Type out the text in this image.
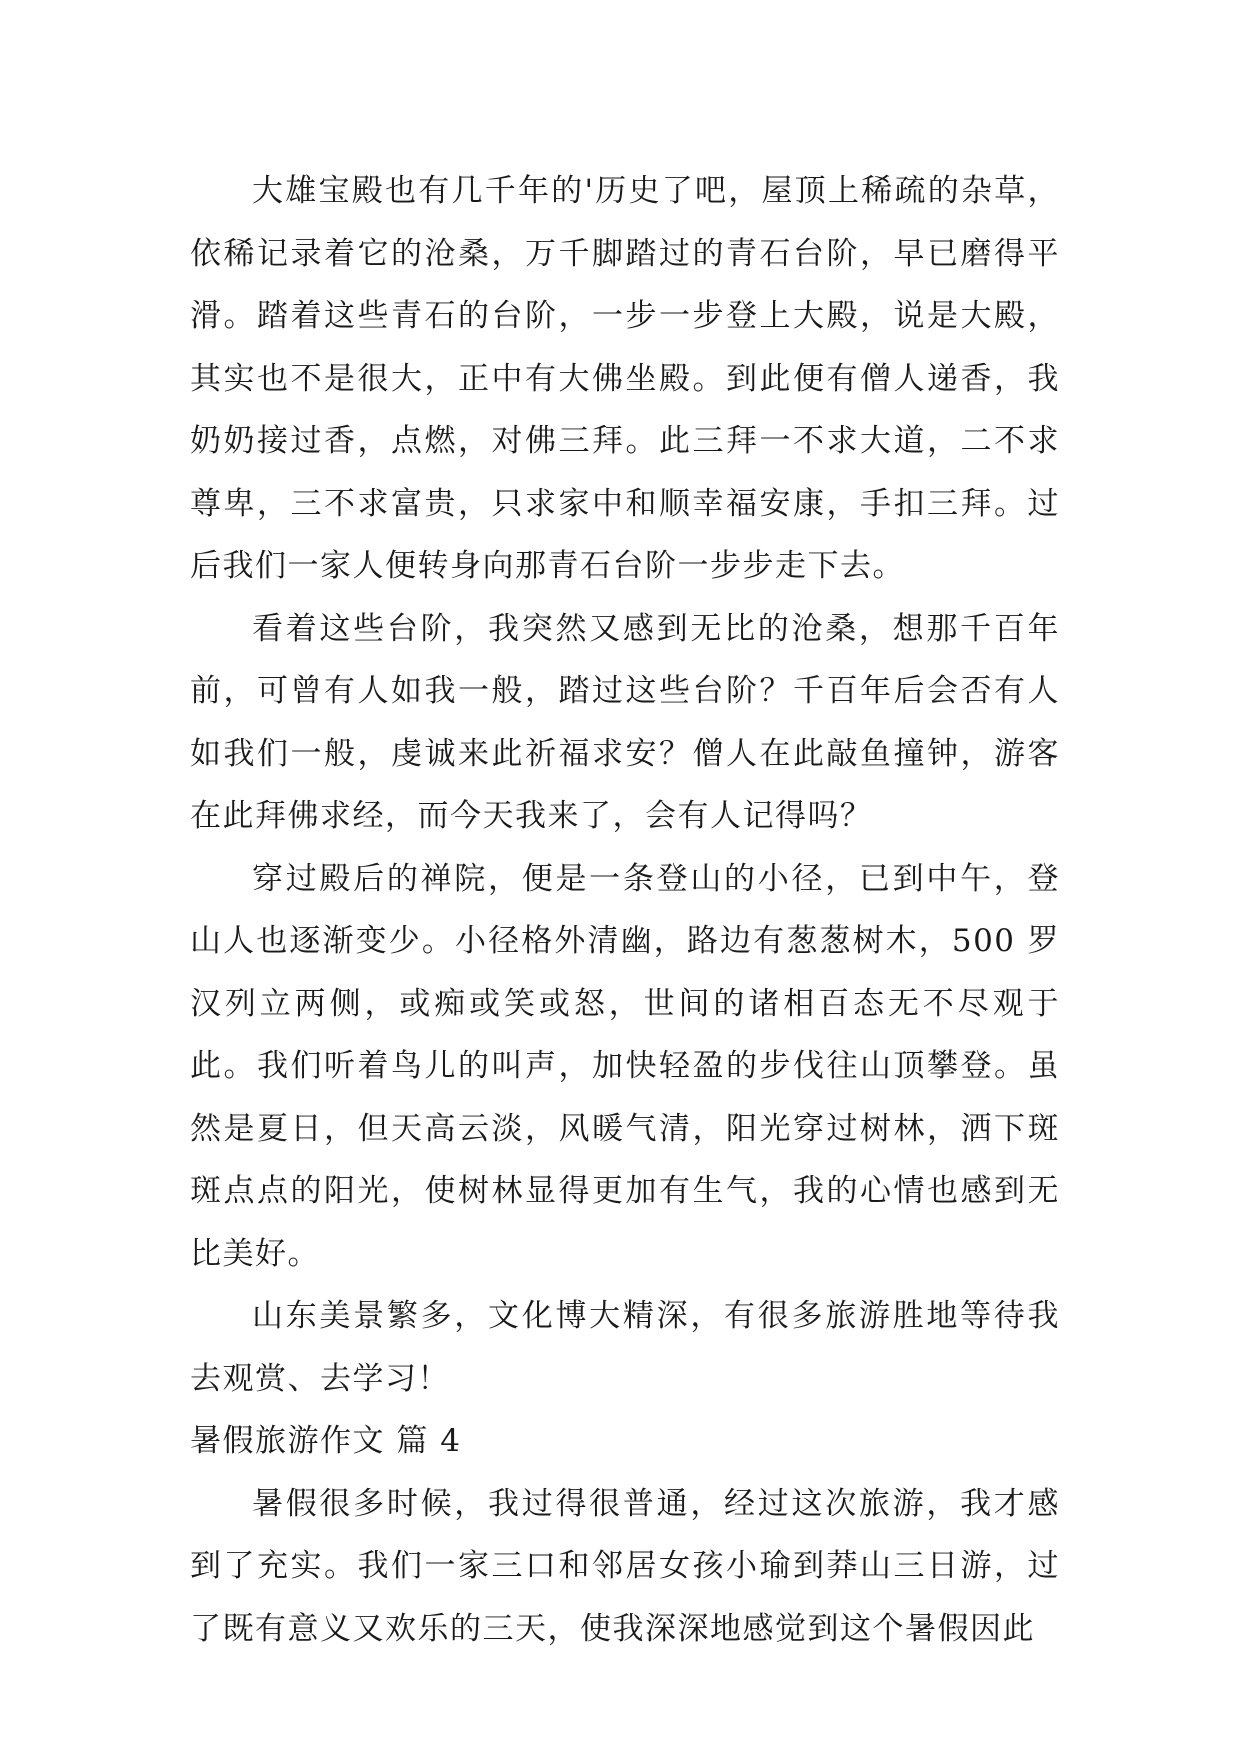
大雄宝殿也有几千年的'历史了吧，屋顶上稀疏的杂草，依稀记录着它的沧桑，万千脚踏过的青石台阶，早已磨得平滑。踏着这些青石的台阶，一步一步登上大殿，说是大殿，其实也不是很大，正中有大佛坐殿。到此便有僧人递香，我奶奶接过香，点燃，对佛三拜。此三拜一不求大道，二不求尊卑，三不求富贵，只求家中和顺幸福安康，手扣三拜。过后我们一家人便转身向那青石台阶一步步走下去。

看着这些台阶，我突然又感到无比的沧桑，想那千百年前，可曾有人如我一般，踏过这些台阶？千百年后会否有人如我们一般，虔诚来此祈福求安？僧人在此敲鱼撞钟，游客在此拜佛求经，而今天我来了，会有人记得吗？

穿过殿后的禅院，便是一条登山的小径，已到中午，登山人也逐渐变少。小径格外清幽，路边有葱葱树木，500 罗汉列立两侧，或痴或笑或怒，世间的诸相百态无不尽观于此。我们听着鸟儿的叫声，加快轻盈的步伐往山顶攀登。虽然是夏日，但天高云淡，风暖气清，阳光穿过树林，洒下斑斑点点的阳光，使树林显得更加有生气，我的心情也感到无比美好。

山东美景繁多，文化博大精深，有很多旅游胜地等待我去观赏、去学习！

暑假旅游作文 篇 4

暑假很多时候，我过得很普通，经过这次旅游，我才感到了充实。我们一家三口和邻居女孩小瑜到莽山三日游，过了既有意义又欢乐的三天，使我深深地感觉到这个暑假因此
